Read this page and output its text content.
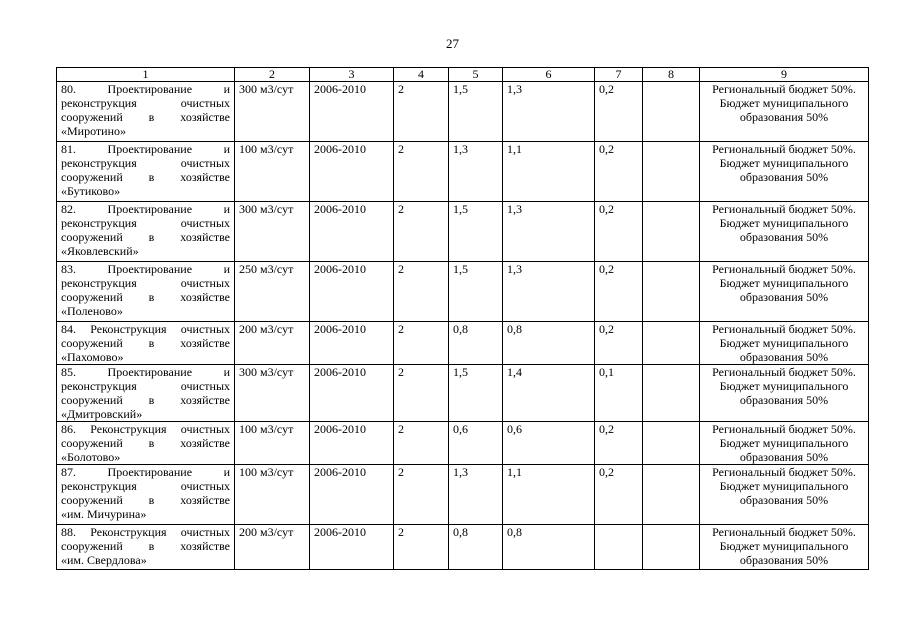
27
1	2	3	4	5	6	7	8	9

80. Проектирование и
реконструкция очистных
сооружений в хозяйстве
«Миротино»	300 м3/сут	2006-2010	2	1,5	1,3	0,2		Региональный бюджет 50%.
Бюджет муниципального
образования 50%

81. Проектирование и
реконструкция очистных
сооружений в хозяйстве
«Бутиково»	100 м3/сут	2006-2010	2	1,3	1,1	0,2		Региональный бюджет 50%.
Бюджет муниципального
образования 50%

82. Проектирование и
реконструкция очистных
сооружений в хозяйстве
«Яковлевский»	300 м3/сут	2006-2010	2	1,5	1,3	0,2		Региональный бюджет 50%.
Бюджет муниципального
образования 50%

83. Проектирование и
реконструкция очистных
сооружений в хозяйстве
«Поленово»	250 м3/сут	2006-2010	2	1,5	1,3	0,2		Региональный бюджет 50%.
Бюджет муниципального
образования 50%

84. Реконструкция очистных
сооружений в хозяйстве
«Пахомово»	200 м3/сут	2006-2010	2	0,8	0,8	0,2		Региональный бюджет 50%.
Бюджет муниципального
образования 50%

85. Проектирование и
реконструкция очистных
сооружений в хозяйстве
«Дмитровский»	300 м3/сут	2006-2010	2	1,5	1,4	0,1		Региональный бюджет 50%.
Бюджет муниципального
образования 50%

86. Реконструкция очистных
сооружений в хозяйстве
«Болотово»	100 м3/сут	2006-2010	2	0,6	0,6	0,2		Региональный бюджет 50%.
Бюджет муниципального
образования 50%

87. Проектирование и
реконструкция очистных
сооружений в хозяйстве
«им. Мичурина»	100 м3/сут	2006-2010	2	1,3	1,1	0,2		Региональный бюджет 50%.
Бюджет муниципального
образования 50%

88. Реконструкция очистных
сооружений в хозяйстве
«им. Свердлова»	200 м3/сут	2006-2010	2	0,8	0,8			Региональный бюджет 50%.
Бюджет муниципального
образования 50%
